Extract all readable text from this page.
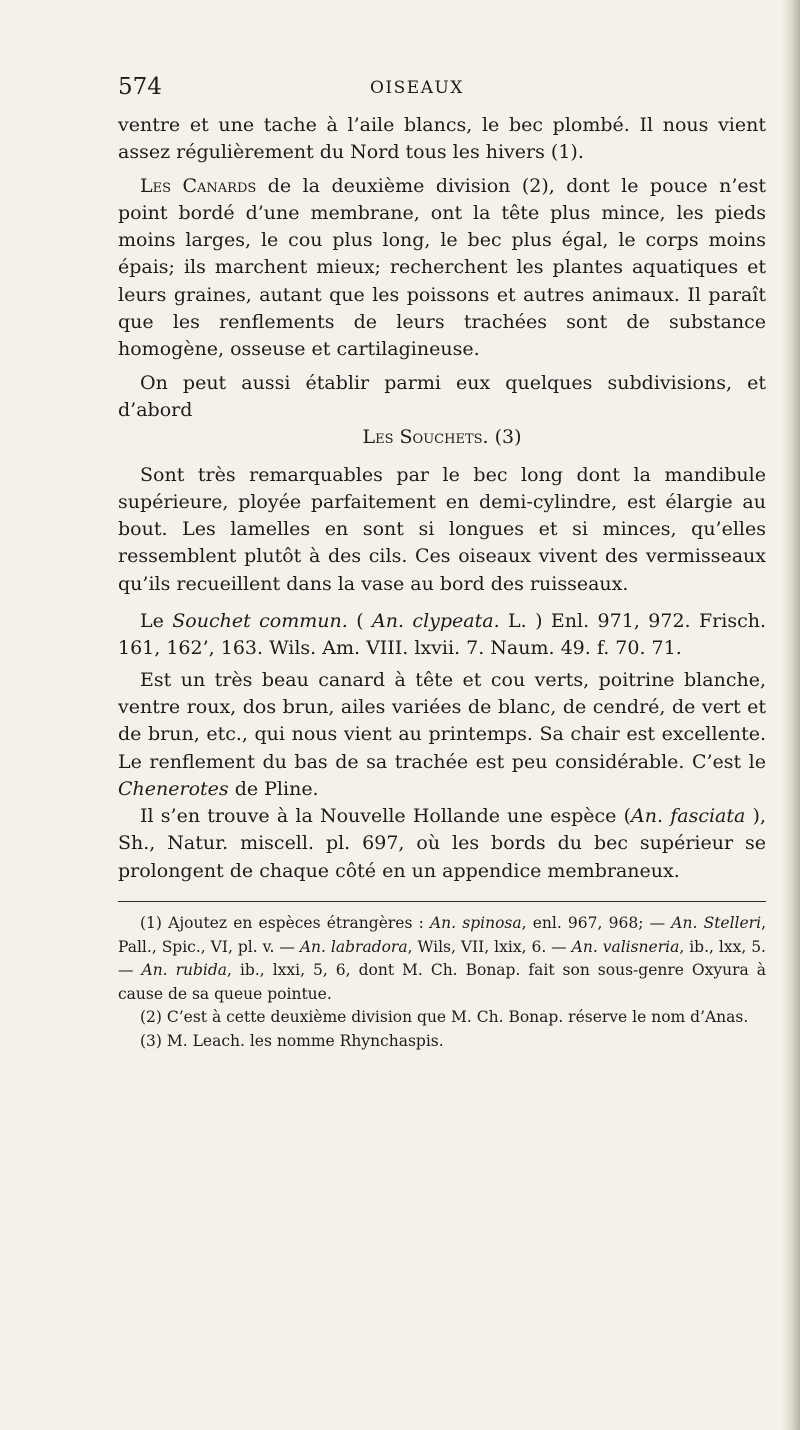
574	OISEAUX

ventre et une tache à l’aile blancs, le bec plombé. Il nous vient assez régulièrement du Nord tous les hivers (1).

Les Canards de la deuxième division (2), dont le pouce n’est point bordé d’une membrane, ont la tête plus mince, les pieds moins larges, le cou plus long, le bec plus égal, le corps moins épais; ils marchent mieux; recherchent les plantes aquatiques et leurs graines, autant que les poissons et autres animaux. Il paraît que les renflements de leurs trachées sont de substance homogène, osseuse et cartilagineuse.

On peut aussi établir parmi eux quelques subdivisions, et d’abord

Les Souchets. (3)

Sont très remarquables par le bec long dont la mandibule supérieure, ployée parfaitement en demi-cylindre, est élargie au bout. Les lamelles en sont si longues et si minces, qu’elles ressemblent plutôt à des cils. Ces oiseaux vivent des vermisseaux qu’ils recueillent dans la vase au bord des ruisseaux.

Le Souchet commun. ( An. clypeata. L. ) Enl. 971, 972. Frisch. 161, 162’, 163. Wils. Am. VIII. lxvii. 7. Naum. 49. f. 70. 71.

Est un très beau canard à tête et cou verts, poitrine blanche, ventre roux, dos brun, ailes variées de blanc, de cendré, de vert et de brun, etc., qui nous vient au printemps. Sa chair est excellente. Le renflement du bas de sa trachée est peu considérable. C’est le Chenerotes de Pline.

Il s’en trouve à la Nouvelle Hollande une espèce (An. fasciata ), Sh., Natur. miscell. pl. 697, où les bords du bec supérieur se prolongent de chaque côté en un appendice membraneux.

(1) Ajoutez en espèces étrangères : An. spinosa, enl. 967, 968; — An. Stelleri, Pall., Spic., VI, pl. v. — An. labradora, Wils, VII, lxix, 6. — An. valisneria, ib., lxx, 5. — An. rubida, ib., lxxi, 5, 6, dont M. Ch. Bonap. fait son sous-genre Oxyura à cause de sa queue pointue.

(2) C’est à cette deuxième division que M. Ch. Bonap. réserve le nom d’Anas.

(3) M. Leach. les nomme Rhynchaspis.
